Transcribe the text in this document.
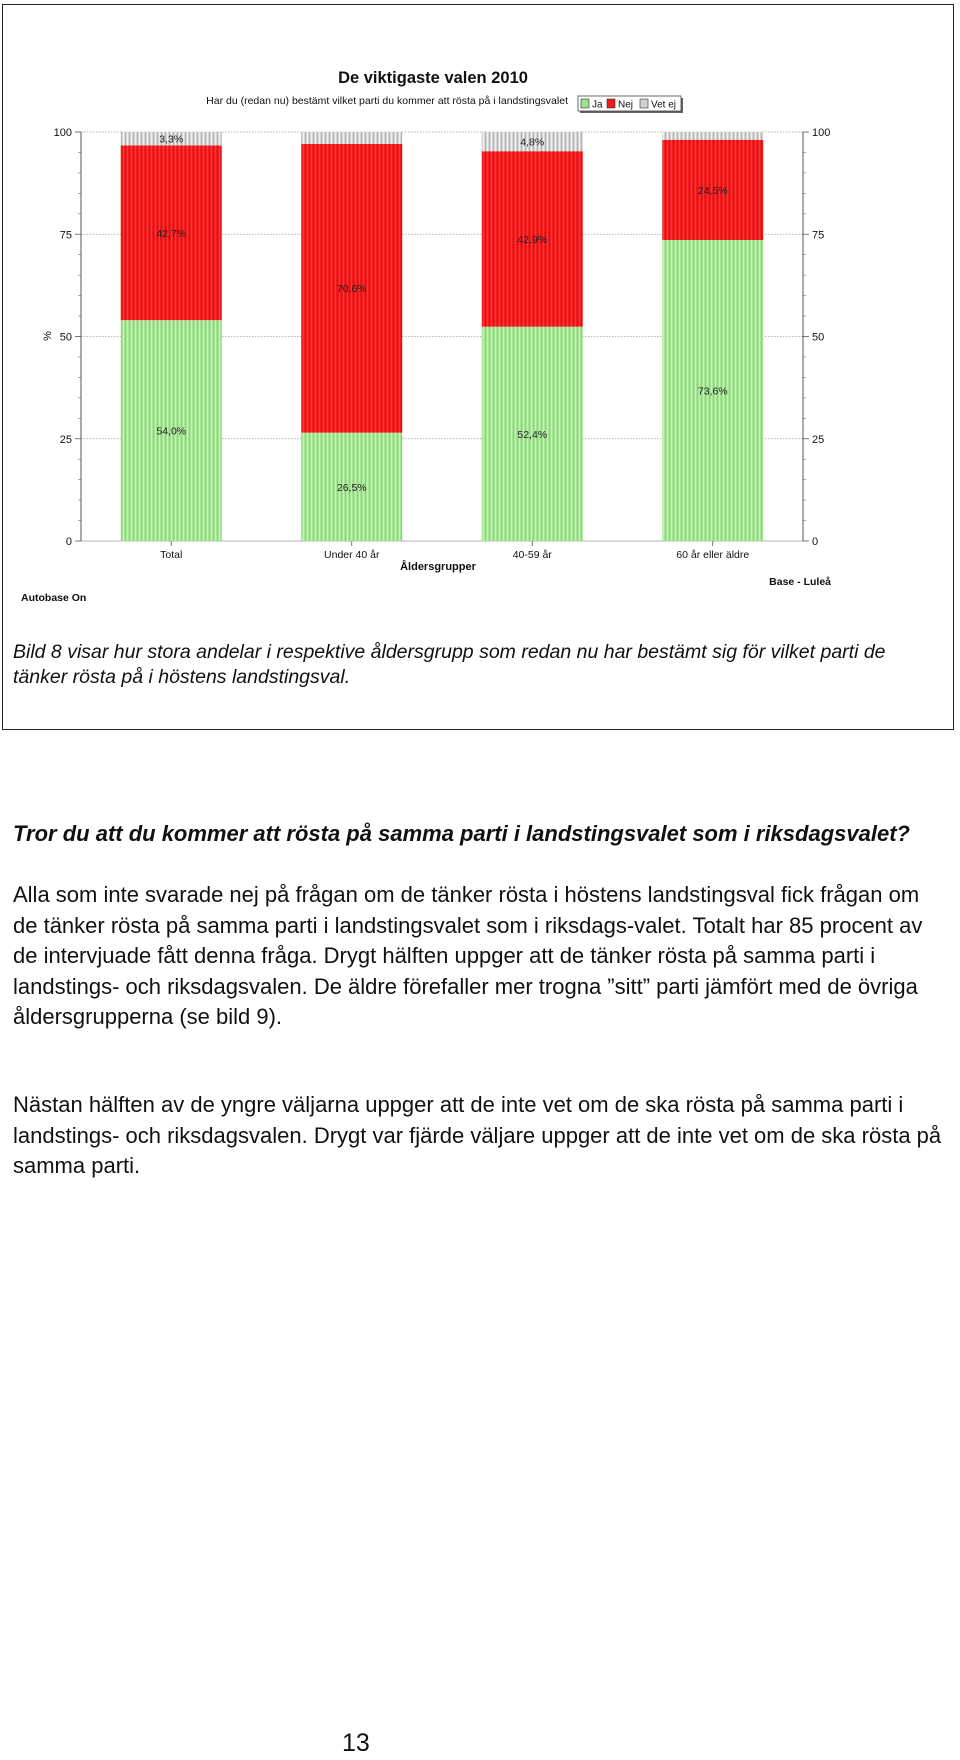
De viktigaste valen 2010
Har du (redan nu) bestämt vilket parti du kommer att rösta på i landstingsvalet Ja Nej Vet ej
0	0
25	25
50	50
75	75
100	100
54,0%
42,7%
3,3%
Total
26,5%
70,6%
Under 40 år
52,4%
42,9%
4,8%
40-59 år
73,6%
24,5%
60 år eller äldre
Åldersgrupper
%
Autobase On
Base - Luleå

Bild 8 visar hur stora andelar i respektive åldersgrupp som redan nu har bestämt sig för vilket parti de tänker rösta på i höstens landstingsval.

Tror du att du kommer att rösta på samma parti i landstingsvalet som i riksdagsvalet?

Alla som inte svarade nej på frågan om de tänker rösta i höstens landstingsval fick frågan om de tänker rösta på samma parti i landstingsvalet som i riksdags-valet. Totalt har 85 procent av de intervjuade fått denna fråga. Drygt hälften uppger att de tänker rösta på samma parti i landstings- och riksdagsvalen. De äldre förefaller mer trogna ”sitt” parti jämfört med de övriga åldersgrupperna (se bild 9).

Nästan hälften av de yngre väljarna uppger att de inte vet om de ska rösta på samma parti i landstings- och riksdagsvalen. Drygt var fjärde väljare uppger att de inte vet om de ska rösta på samma parti.

13
